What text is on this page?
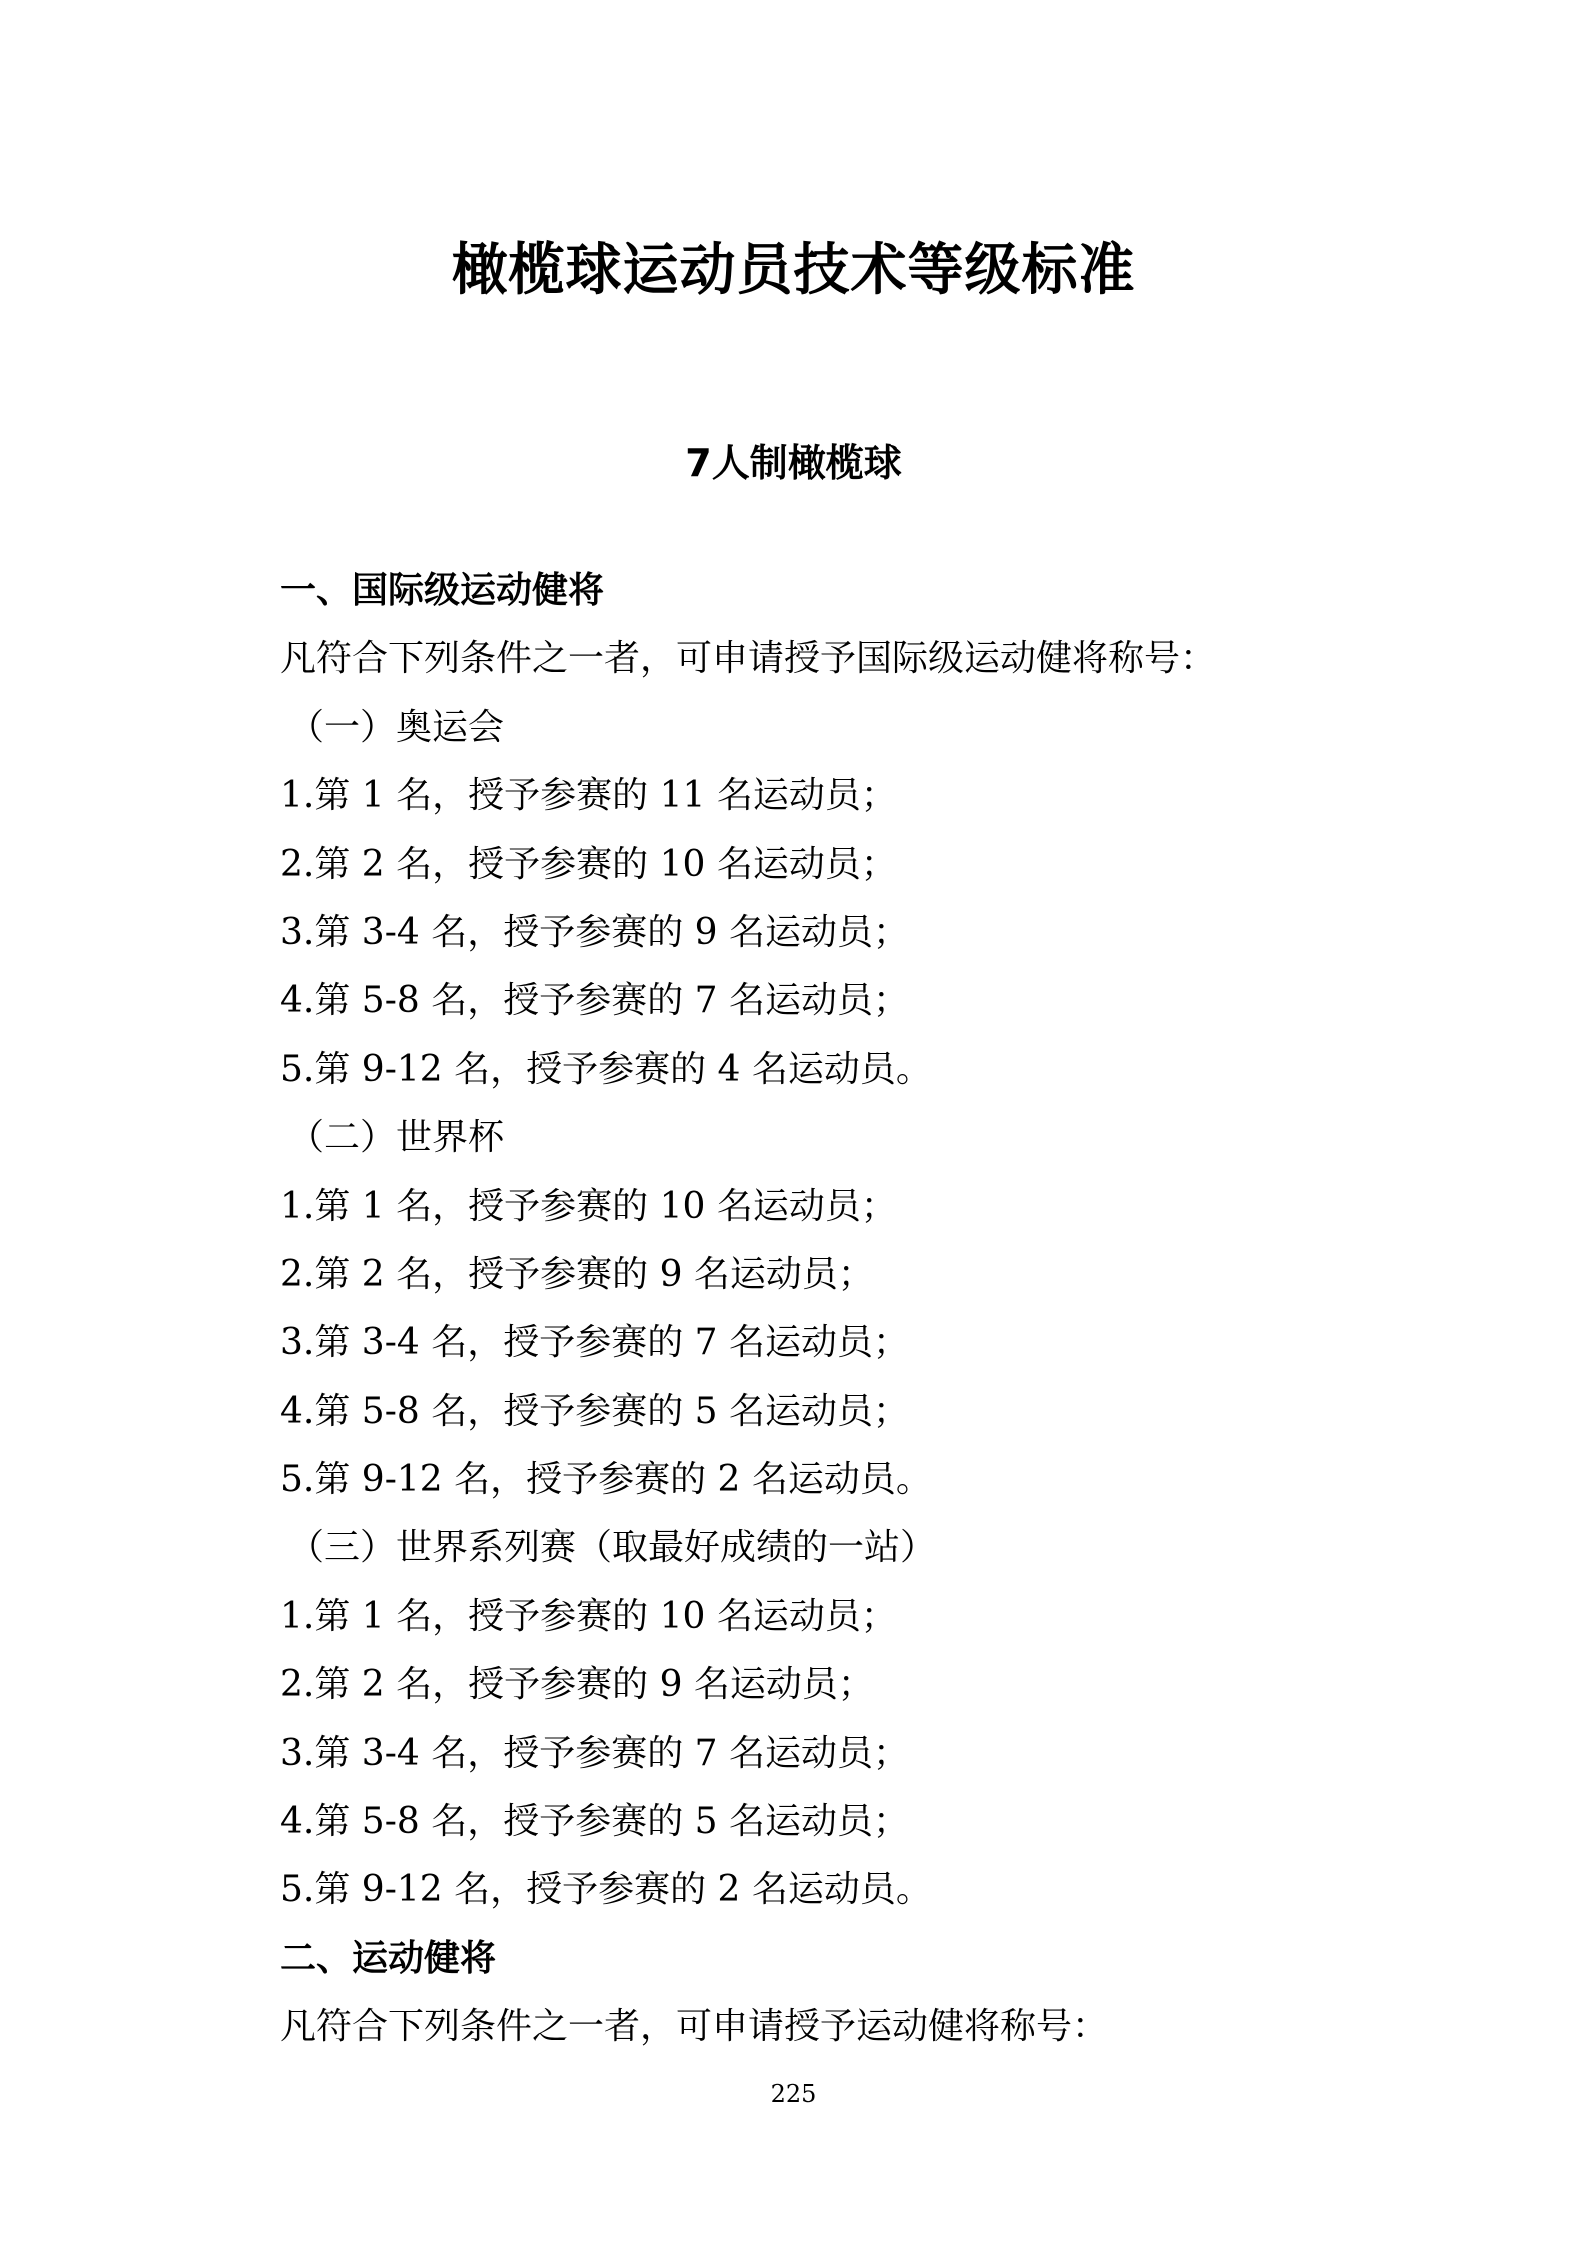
橄榄球运动员技术等级标准
7人制橄榄球
一、国际级运动健将
凡符合下列条件之一者，可申请授予国际级运动健将称号：
（一）奥运会
1.第 1 名，授予参赛的 11 名运动员；
2.第 2 名，授予参赛的 10 名运动员；
3.第 3-4 名，授予参赛的 9 名运动员；
4.第 5-8 名，授予参赛的 7 名运动员；
5.第 9-12 名，授予参赛的 4 名运动员。
（二）世界杯
1.第 1 名，授予参赛的 10 名运动员；
2.第 2 名，授予参赛的 9 名运动员；
3.第 3-4 名，授予参赛的 7 名运动员；
4.第 5-8 名，授予参赛的 5 名运动员；
5.第 9-12 名，授予参赛的 2 名运动员。
（三）世界系列赛（取最好成绩的一站）
1.第 1 名，授予参赛的 10 名运动员；
2.第 2 名，授予参赛的 9 名运动员；
3.第 3-4 名，授予参赛的 7 名运动员；
4.第 5-8 名，授予参赛的 5 名运动员；
5.第 9-12 名，授予参赛的 2 名运动员。
二、运动健将
凡符合下列条件之一者，可申请授予运动健将称号：
225
